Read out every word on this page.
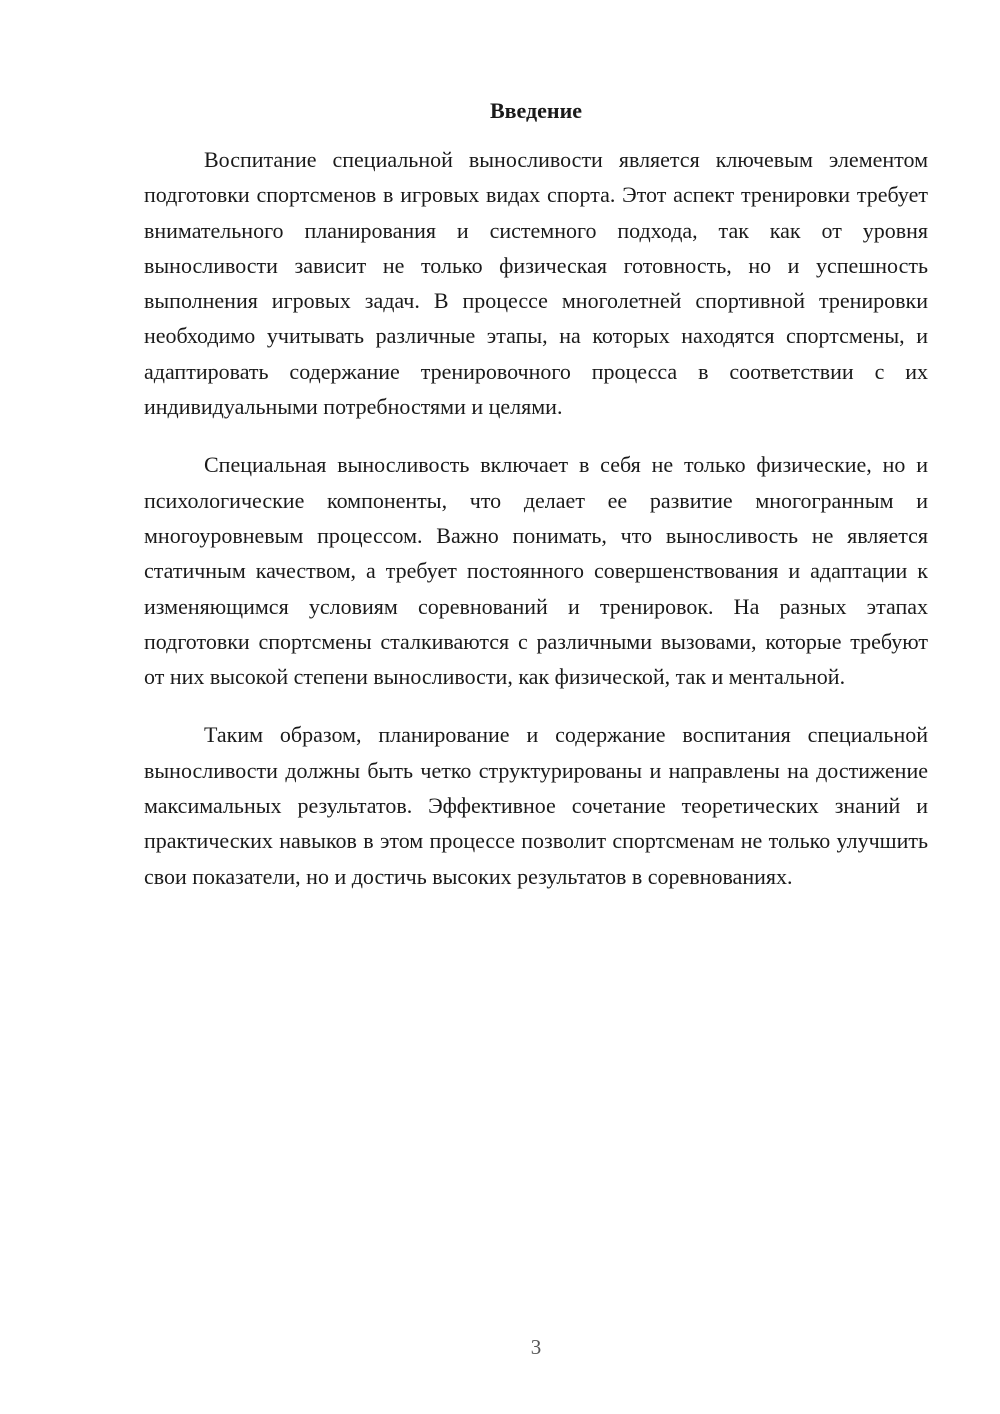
Введение

Воспитание специальной выносливости является ключевым элементом подготовки спортсменов в игровых видах спорта. Этот аспект тренировки требует внимательного планирования и системного подхода, так как от уровня выносливости зависит не только физическая готовность, но и успешность выполнения игровых задач. В процессе многолетней спортивной тренировки необходимо учитывать различные этапы, на которых находятся спортсмены, и адаптировать содержание тренировочного процесса в соответствии с их индивидуальными потребностями и целями.

Специальная выносливость включает в себя не только физические, но и психологические компоненты, что делает ее развитие многогранным и многоуровневым процессом. Важно понимать, что выносливость не является статичным качеством, а требует постоянного совершенствования и адаптации к изменяющимся условиям соревнований и тренировок. На разных этапах подготовки спортсмены сталкиваются с различными вызовами, которые требуют от них высокой степени выносливости, как физической, так и ментальной.

Таким образом, планирование и содержание воспитания специальной выносливости должны быть четко структурированы и направлены на достижение максимальных результатов. Эффективное сочетание теоретических знаний и практических навыков в этом процессе позволит спортсменам не только улучшить свои показатели, но и достичь высоких результатов в соревнованиях.

3
